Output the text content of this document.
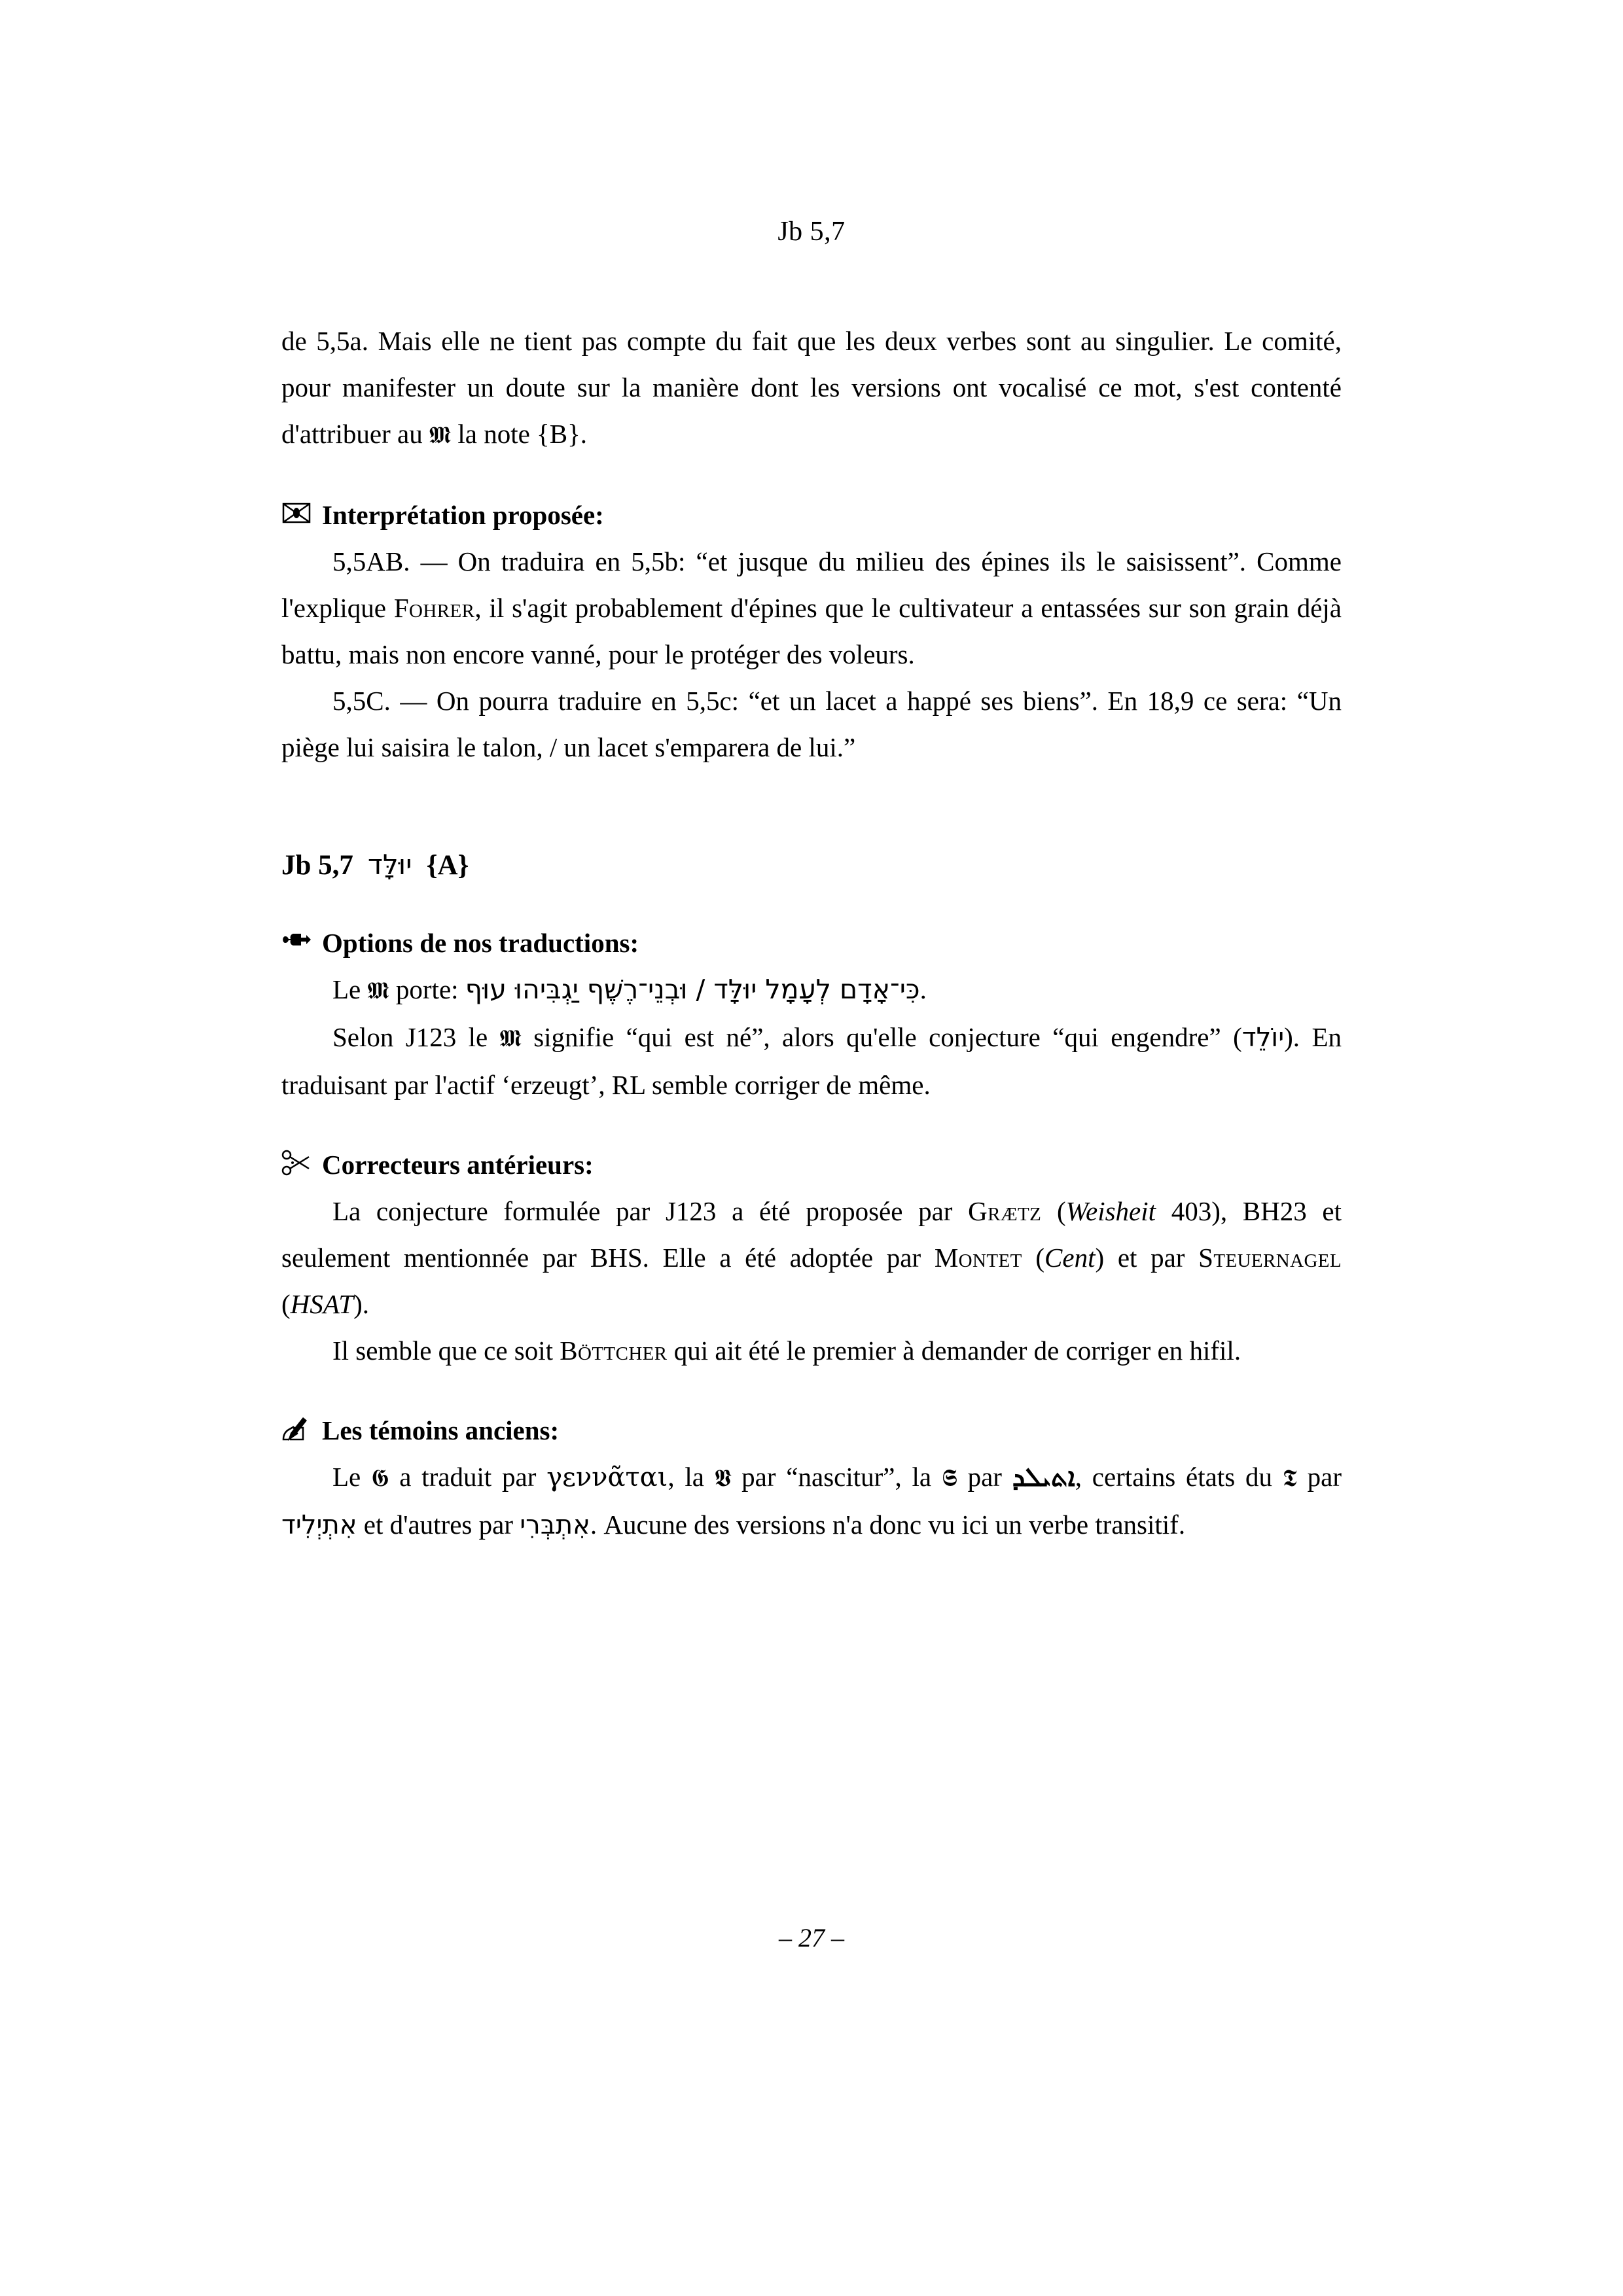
Jb 5,7

de 5,5a. Mais elle ne tient pas compte du fait que les deux verbes sont au singulier. Le comité, pour manifester un doute sur la manière dont les versions ont vocalisé ce mot, s'est contenté d'attribuer au 𝕸 la note {B}.

Interprétation proposée:

5,5AB. — On traduira en 5,5b: “et jusque du milieu des épines ils le saisissent”. Comme l'explique Fohrer, il s'agit probablement d'épines que le cultivateur a entassées sur son grain déjà battu, mais non encore vanné, pour le protéger des voleurs.

5,5C. — On pourra traduire en 5,5c: “et un lacet a happé ses biens”. En 18,9 ce sera: “Un piège lui saisira le talon, / un lacet s'emparera de lui.”

Jb 5,7 יוּלָּד {A}
Options de nos traductions:

Le 𝕸 porte: כִּי־אָדָם לְעָמָל יוּלָּד / וּבְנֵי־רֶשֶׁף יַגְבִּיהוּ עוּף.

Selon J123 le 𝕸 signifie “qui est né”, alors qu'elle conjecture “qui engendre” (יוֹלֵד). En traduisant par l'actif ‘erzeugt’, RL semble corriger de même.

Correcteurs antérieurs:

La conjecture formulée par J123 a été proposée par Grætz (Weisheit 403), BH23 et seulement mentionnée par BHS. Elle a été adoptée par Montet (Cent) et par Steuernagel (HSAT).

Il semble que ce soit Böttcher qui ait été le premier à demander de corriger en hifil.

Les témoins anciens:

Le 𝕲 a traduit par γεννᾶται, la 𝖁 par “nascitur”, la 𝕾 par ܐܬܝܠܕ, certains états du 𝕿 par אִתְיְלִיד et d'autres par אִתְבְּרִי. Aucune des versions n'a donc vu ici un verbe transitif.

– 27 –
